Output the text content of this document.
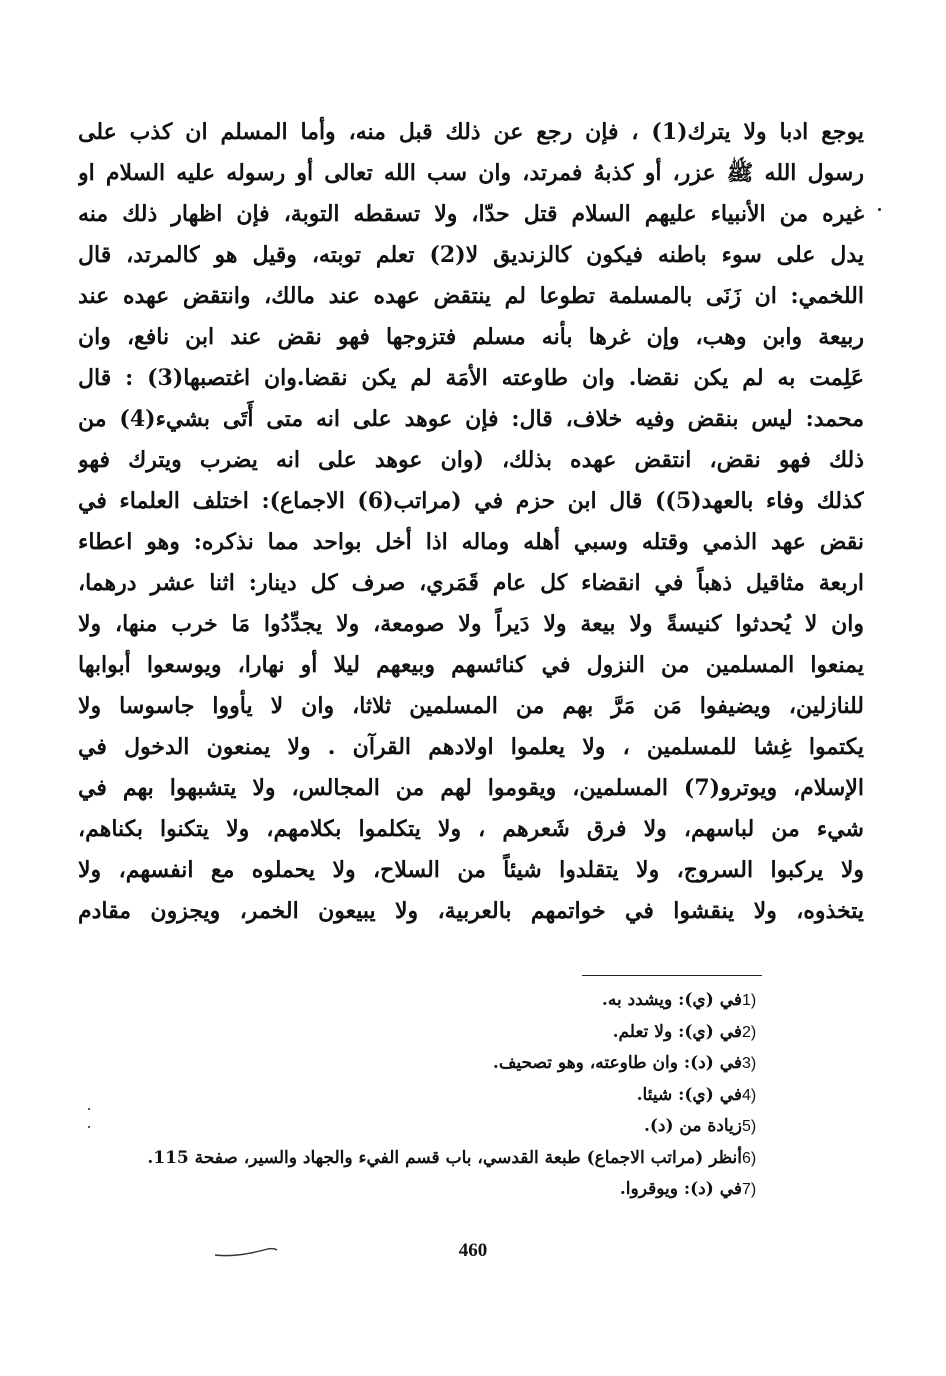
يوجع ادبا ولا يترك(1) ، فإن رجع عن ذلك قبل منه، وأما المسلم ان كذب على
رسول الله ﷺ عزر، أو كذبهُ فمرتد، وان سب الله تعالى أو رسوله عليه السلام او
غيره من الأنبياء عليهم السلام قتل حدّا، ولا تسقطه التوبة، فإن اظهار ذلك منه
يدل على سوء باطنه فيكون كالزنديق لا(2) تعلم توبته، وقيل هو كالمرتد، قال
اللخمي: ان زَنَى بالمسلمة تطوعا لم ينتقض عهده عند مالك، وانتقض عهده عند
ربيعة وابن وهب، وإن غرها بأنه مسلم فتزوجها فهو نقض عند ابن نافع، وان
عَلِمت به لم يكن نقضا. وان طاوعته الأمَة لم يكن نقضا.وان اغتصبها(3) : قال
محمد: ليس بنقض وفيه خلاف، قال: فإن عوهد على انه متى أَتَى بشيء(4) من
ذلك فهو نقض، انتقض عهده بذلك، (وان عوهد على انه يضرب ويترك فهو
كذلك وفاء بالعهد(5)) قال ابن حزم في (مراتب(6) الاجماع): اختلف العلماء في
نقض عهد الذمي وقتله وسبي أهله وماله اذا أخل بواحد مما نذكره: وهو اعطاء
اربعة مثاقيل ذهباً في انقضاء كل عام قَمَري، صرف كل دينار: اثنا عشر درهما،
وان لا يُحدثوا كنيسةً ولا بيعة ولا دَيراً ولا صومعة، ولا يجدِّدُوا مَا خرب منها، ولا
يمنعوا المسلمين من النزول في كنائسهم وبيعهم ليلا أو نهارا، ويوسعوا أبوابها
للنازلين، ويضيفوا مَن مَرَّ بهم من المسلمين ثلاثا، وان لا يأووا جاسوسا ولا
يكتموا غِشا للمسلمين ، ولا يعلموا اولادهم القرآن . ولا يمنعون الدخول في
الإسلام، ويوترو(7) المسلمين، ويقوموا لهم من المجالس، ولا يتشبهوا بهم في
شيء من لباسهم، ولا فرق شَعرهم ، ولا يتكلموا بكلامهم، ولا يتكنوا بكناهم،
ولا يركبوا السروج، ولا يتقلدوا شيئاً من السلاح، ولا يحملوه مع انفسهم، ولا
يتخذوه، ولا ينقشوا في خواتمهم بالعربية، ولا يبيعون الخمر، ويجزون مقادم
1)
في (ي): ويشدد به.
2)
في (ي): ولا تعلم.
3)
في (د): وان طاوعته، وهو تصحيف.
4)
في (ي): شيئا.
5)
زيادة من (د).
6)
أنظر (مراتب الاجماع) طبعة القدسي، باب قسم الفيء والجهاد والسير، صفحة 115.
7)
في (د): ويوقروا.
460
